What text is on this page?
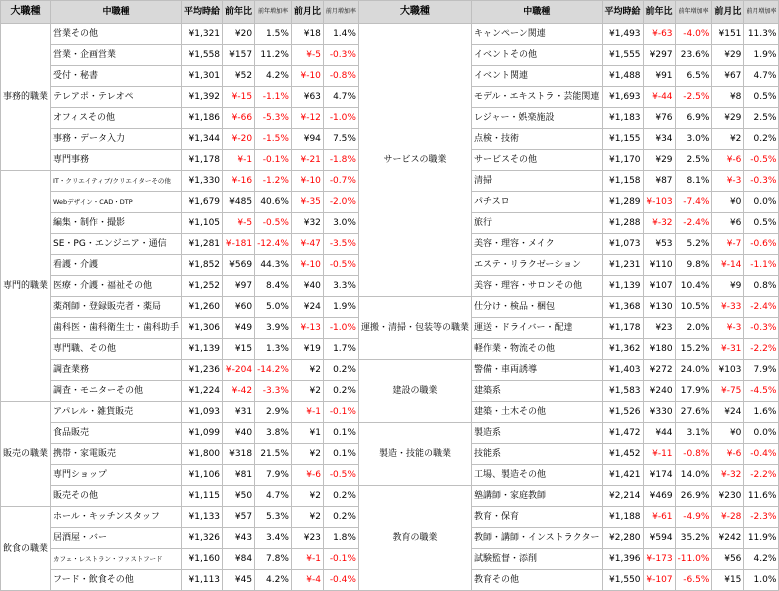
大職種	中職種	平均時給	前年比	前年増加率	前月比	前月増加率	大職種	中職種	平均時給	前年比	前年増加率	前月比	前月増加率
事務的職業	営業その他	¥1,321	¥20	1.5%	¥18	1.4%	サービスの職業	キャンペーン関連	¥1,493	¥-63	-4.0%	¥151	11.3%
	営業・企画営業	¥1,558	¥157	11.2%	¥-5	-0.3%		イベントその他	¥1,555	¥297	23.6%	¥29	1.9%
	受付・秘書	¥1,301	¥52	4.2%	¥-10	-0.8%		イベント関連	¥1,488	¥91	6.5%	¥67	4.7%
	テレアポ・テレオペ	¥1,392	¥-15	-1.1%	¥63	4.7%		モデル・エキストラ・芸能関連	¥1,693	¥-44	-2.5%	¥8	0.5%
	オフィスその他	¥1,186	¥-66	-5.3%	¥-12	-1.0%		レジャー・娯楽施設	¥1,183	¥76	6.9%	¥29	2.5%
	事務・データ入力	¥1,344	¥-20	-1.5%	¥94	7.5%		点検・技術	¥1,155	¥34	3.0%	¥2	0.2%
	専門事務	¥1,178	¥-1	-0.1%	¥-21	-1.8%		サービスその他	¥1,170	¥29	2.5%	¥-6	-0.5%
専門的職業	IT・クリエイティブ/クリエイターその他	¥1,330	¥-16	-1.2%	¥-10	-0.7%		清掃	¥1,158	¥87	8.1%	¥-3	-0.3%
	Webデザイン・CAD・DTP	¥1,679	¥485	40.6%	¥-35	-2.0%		パチスロ	¥1,289	¥-103	-7.4%	¥0	0.0%
	編集・制作・撮影	¥1,105	¥-5	-0.5%	¥32	3.0%		旅行	¥1,288	¥-32	-2.4%	¥6	0.5%
	SE・PG・エンジニア・通信	¥1,281	¥-181	-12.4%	¥-47	-3.5%		美容・理容・メイク	¥1,073	¥53	5.2%	¥-7	-0.6%
	看護・介護	¥1,852	¥569	44.3%	¥-10	-0.5%		エステ・リラクゼーション	¥1,231	¥110	9.8%	¥-14	-1.1%
	医療・介護・福祉その他	¥1,252	¥97	8.4%	¥40	3.3%		美容・理容・サロンその他	¥1,139	¥107	10.4%	¥9	0.8%
	薬剤師・登録販売者・薬局	¥1,260	¥60	5.0%	¥24	1.9%	運搬・清掃・包装等の職業	仕分け・検品・梱包	¥1,368	¥130	10.5%	¥-33	-2.4%
	歯科医・歯科衛生士・歯科助手	¥1,306	¥49	3.9%	¥-13	-1.0%		運送・ドライバー・配達	¥1,178	¥23	2.0%	¥-3	-0.3%
	専門職、その他	¥1,139	¥15	1.3%	¥19	1.7%		軽作業・物流その他	¥1,362	¥180	15.2%	¥-31	-2.2%
	調査業務	¥1,236	¥-204	-14.2%	¥2	0.2%	建設の職業	警備・車両誘導	¥1,403	¥272	24.0%	¥103	7.9%
	調査・モニターその他	¥1,224	¥-42	-3.3%	¥2	0.2%		建築系	¥1,583	¥240	17.9%	¥-75	-4.5%
販売の職業	アパレル・雑貨販売	¥1,093	¥31	2.9%	¥-1	-0.1%		建築・土木その他	¥1,526	¥330	27.6%	¥24	1.6%
	食品販売	¥1,099	¥40	3.8%	¥1	0.1%	製造・技能の職業	製造系	¥1,472	¥44	3.1%	¥0	0.0%
	携帯・家電販売	¥1,800	¥318	21.5%	¥2	0.1%		技能系	¥1,452	¥-11	-0.8%	¥-6	-0.4%
	専門ショップ	¥1,106	¥81	7.9%	¥-6	-0.5%		工場、製造その他	¥1,421	¥174	14.0%	¥-32	-2.2%
	販売その他	¥1,115	¥50	4.7%	¥2	0.2%	教育の職業	塾講師・家庭教師	¥2,214	¥469	26.9%	¥230	11.6%
飲食の職業	ホール・キッチンスタッフ	¥1,133	¥57	5.3%	¥2	0.2%		教育・保育	¥1,188	¥-61	-4.9%	¥-28	-2.3%
	居酒屋・バー	¥1,326	¥43	3.4%	¥23	1.8%		教師・講師・インストラクター	¥2,280	¥594	35.2%	¥242	11.9%
	カフェ・レストラン・ファストフード	¥1,160	¥84	7.8%	¥-1	-0.1%		試験監督・添削	¥1,396	¥-173	-11.0%	¥56	4.2%
	フード・飲食その他	¥1,113	¥45	4.2%	¥-4	-0.4%		教育その他	¥1,550	¥-107	-6.5%	¥15	1.0%
